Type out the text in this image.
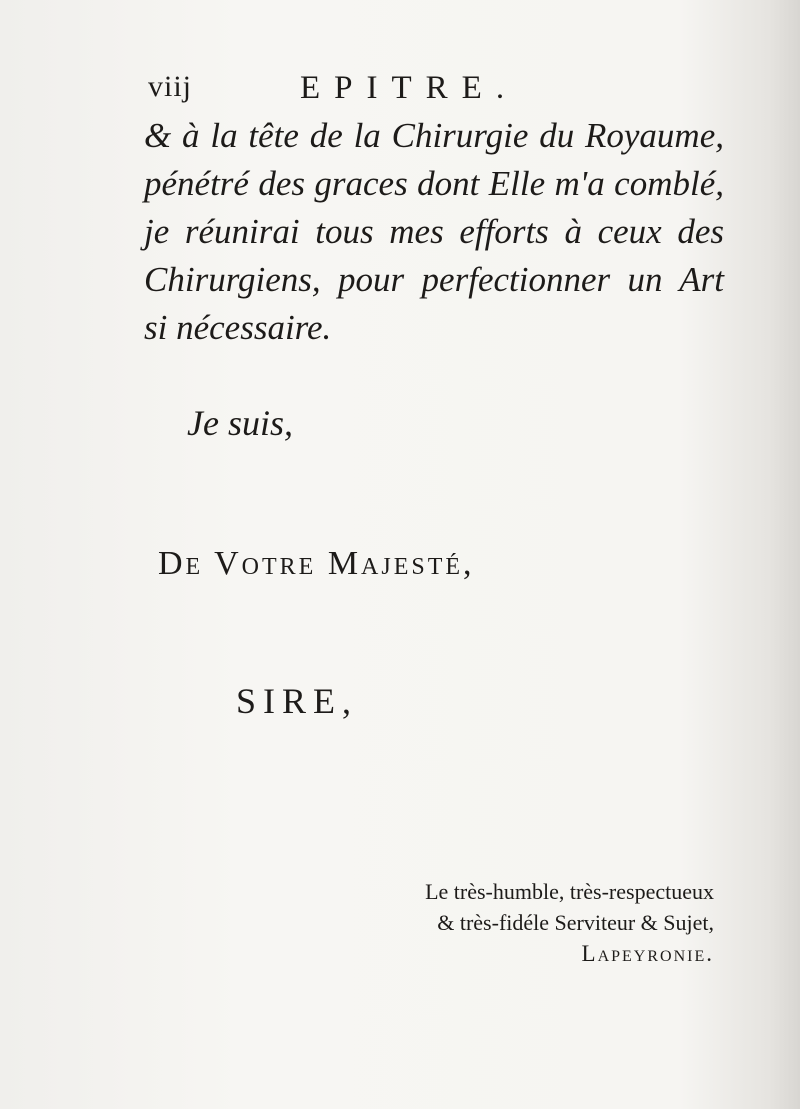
viij	EPITRE.

& à la tête de la Chirurgie du Royaume,
pénétré des graces dont Elle m'a comblé,
je réunirai tous mes efforts à ceux des
Chirurgiens, pour perfectionner un Art
si nécessaire.

Je suis,
De Votre Majesté,
SIRE,
Le très-humble, très-respectueux
& très-fidéle Serviteur & Sujet,
Lapeyronie.
